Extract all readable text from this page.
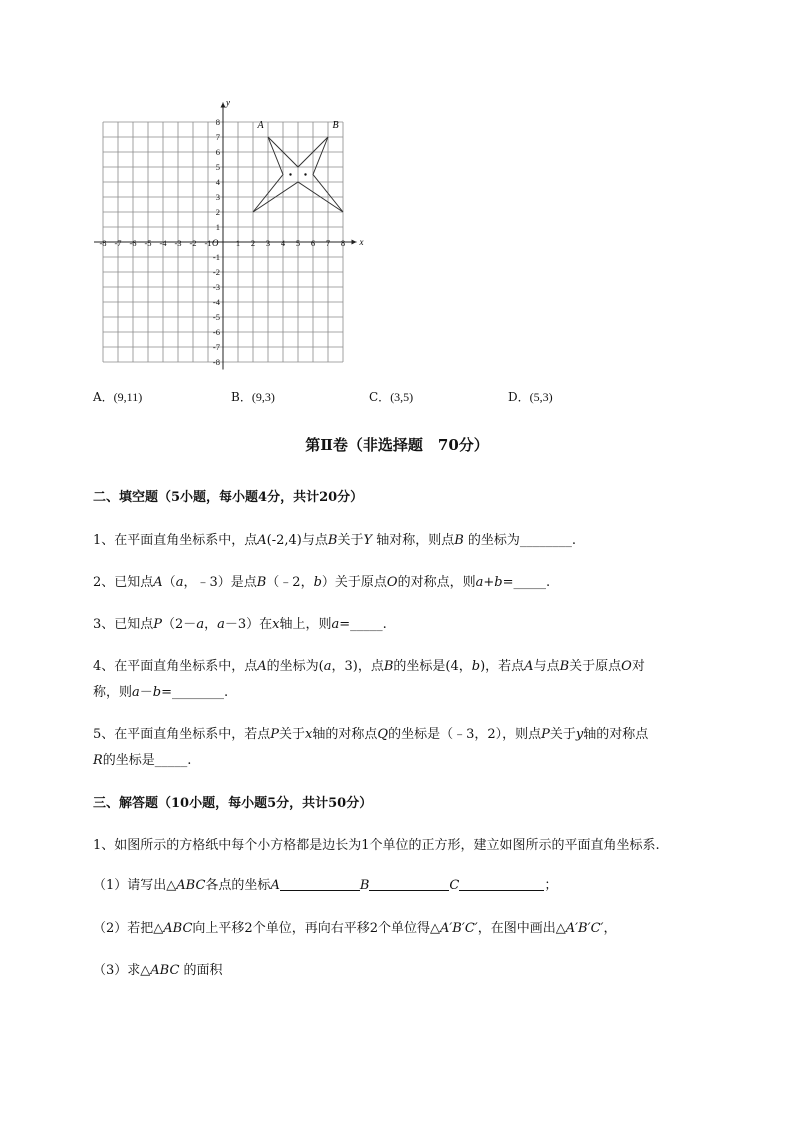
-8 -7 -6 -5 -4 -3 -2 -1	1 2 3 4 5 6 7 8
8
7
6
5
4
3
2
1
-1
-2
-3
-4
-5
-6
-7
-8
x
y
O
A	B
A．(9,11)	B．(9,3)	C．(3,5)	D．(5,3)
第Ⅱ卷（非选择题　70分）
二、填空题（5小题，每小题4分，共计20分）
1、在平面直角坐标系中，点A(-2,4)与点B关于Y 轴对称，则点B 的坐标为________.
2、已知点A（a，﹣3）是点B（﹣2，b）关于原点O的对称点，则a+b=_____.
3、已知点P（2－a，a－3）在x轴上，则a=_____.
4、在平面直角坐标系中，点A的坐标为(a，3)，点B的坐标是(4，b)，若点A与点B关于原点O对
称，则a－b=________.
5、在平面直角坐标系中，若点P关于x轴的对称点Q的坐标是（﹣3，2），则点P关于y轴的对称点
R的坐标是_____.
三、解答题（10小题，每小题5分，共计50分）
1、如图所示的方格纸中每个小方格都是边长为1个单位的正方形，建立如图所示的平面直角坐标系.
（1）请写出△ABC各点的坐标A	B	C	；
（2）若把△ABC向上平移2个单位，再向右平移2个单位得△A′B′C′，在图中画出△A′B′C′，
（3）求△ABC 的面积
